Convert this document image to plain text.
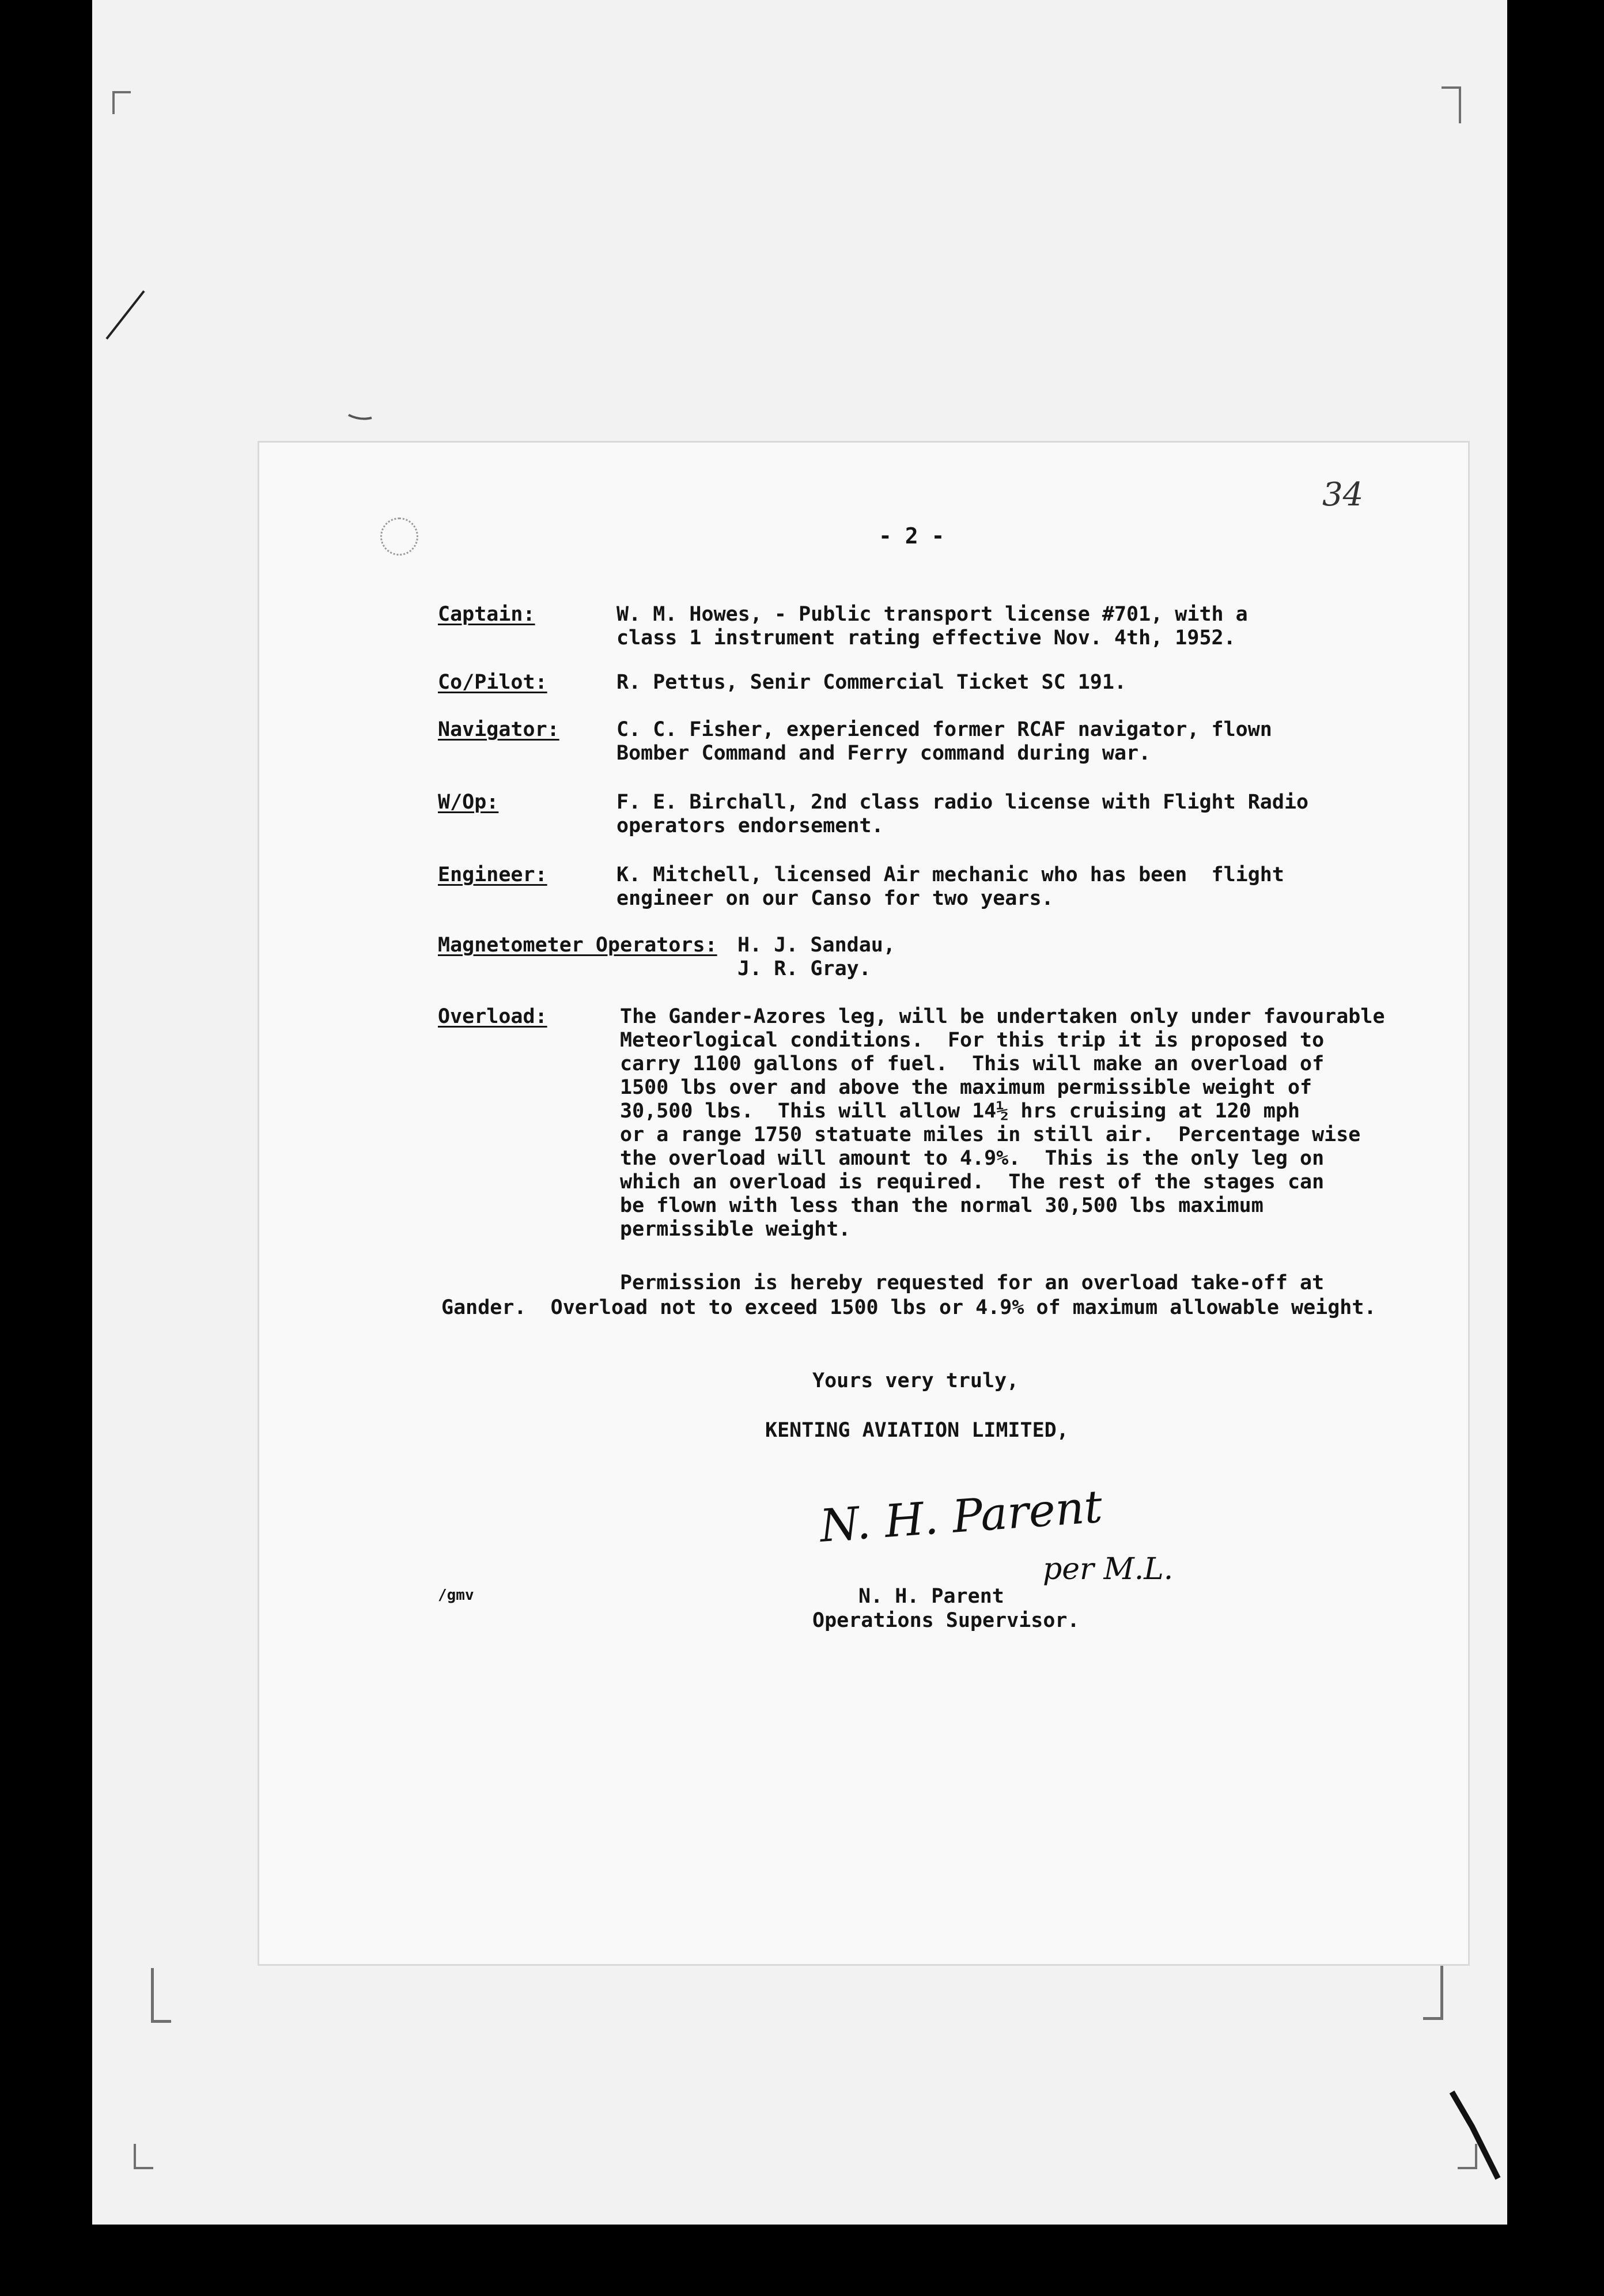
- 2 -
34
Captain:	W. M. Howes, - Public transport license #701, with a
class 1 instrument rating effective Nov. 4th, 1952.
Co/Pilot:	R. Pettus, Senir Commercial Ticket SC 191.
Navigator:	C. C. Fisher, experienced former RCAF navigator, flown
Bomber Command and Ferry command during war.
W/Op:	F. E. Birchall, 2nd class radio license with Flight Radio
operators endorsement.
Engineer:	K. Mitchell, licensed Air mechanic who has been  flight
engineer on our Canso for two years.
Magnetometer Operators: H. J. Sandau,
J. R. Gray.
Overload:	The Gander-Azores leg, will be undertaken only under favourable
Meteorlogical conditions.  For this trip it is proposed to
carry 1100 gallons of fuel.  This will make an overload of
1500 lbs over and above the maximum permissible weight of
30,500 lbs.  This will allow 14½ hrs cruising at 120 mph
or a range 1750 statuate miles in still air.  Percentage wise
the overload will amount to 4.9%.  This is the only leg on
which an overload is required.  The rest of the stages can
be flown with less than the normal 30,500 lbs maximum
permissible weight.
Permission is hereby requested for an overload take-off at
Gander.  Overload not to exceed 1500 lbs or 4.9% of maximum allowable weight.
Yours very truly,
KENTING AVIATION LIMITED,
N. H. Parent
per M.L.
/gmv	N. H. Parent
Operations Supervisor.
